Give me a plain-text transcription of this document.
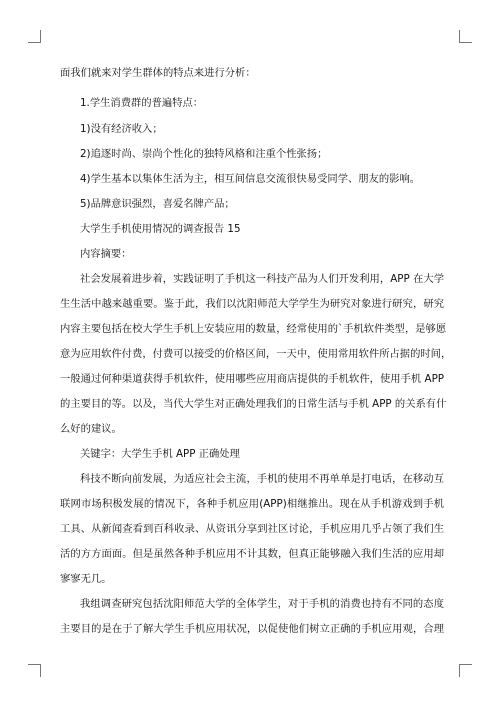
面我们就来对学生群体的特点来进行分析：
1.学生消费群的普遍特点：
1)没有经济收入；
2)追逐时尚、崇尚个性化的独特风格和注重个性张扬；
4)学生基本以集体生活为主，相互间信息交流很快易受同学、朋友的影响。
5)品牌意识强烈，喜爱名牌产品；
大学生手机使用情况的调查报告 15
内容摘要：
社会发展着进步着，实践证明了手机这一科技产品为人们开发利用，APP 在大学
生生活中越来越重要。鉴于此，我们以沈阳师范大学学生为研究对象进行研究，研究
内容主要包括在校大学生手机上安装应用的数量，经常使用的`手机软件类型，是够愿
意为应用软件付费，付费可以接受的价格区间，一天中，使用常用软件所占据的时间，
一般通过何种渠道获得手机软件，使用哪些应用商店提供的手机软件，使用手机 APP
的主要目的等。以及，当代大学生对正确处理我们的日常生活与手机 APP 的关系有什
么好的建议。
关键字：大学生手机 APP 正确处理
科技不断向前发展，为适应社会主流，手机的使用不再单单是打电话，在移动互
联网市场积极发展的情况下，各种手机应用(APP)相继推出。现在从手机游戏到手机
工具、从新闻查看到百科收录、从资讯分享到社区讨论，手机应用几乎占领了我们生
活的方方面面。但是虽然各种手机应用不计其数，但真正能够融入我们生活的应用却
寥寥无几。
我组调查研究包括沈阳师范大学的全体学生，对于手机的消费也持有不同的态度
主要目的是在于了解大学生手机应用状况，以促使他们树立正确的手机应用观，合理
